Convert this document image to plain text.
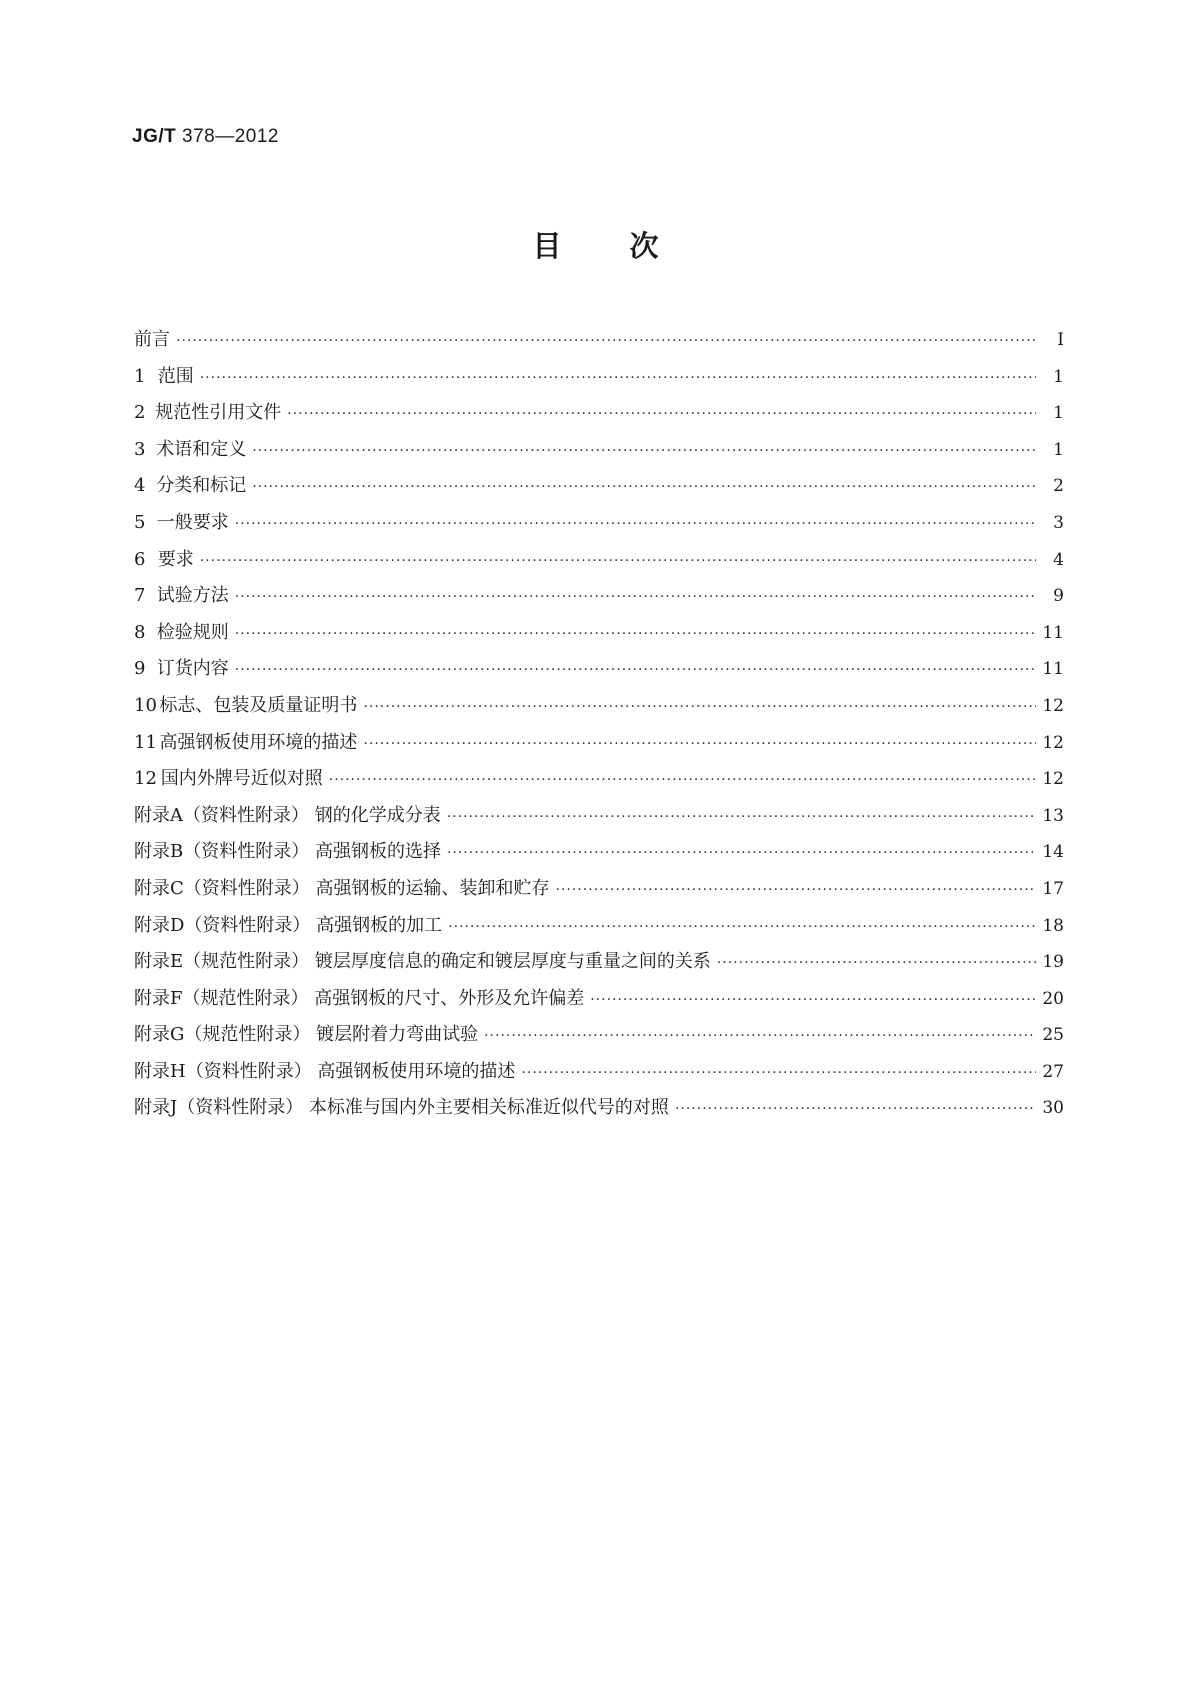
JG/T 378—2012
目次
前言 ·····	Ⅰ
1 范围 ·····	1
2 规范性引用文件 ·····	1
3 术语和定义 ·····	1
4 分类和标记 ·····	2
5 一般要求 ·····	3
6 要求 ·····	4
7 试验方法 ·····	9
8 检验规则 ·····	11
9 订货内容 ·····	11
10 标志、包装及质量证明书 ·····	12
11 高强钢板使用环境的描述 ·····	12
12 国内外牌号近似对照 ·····	12
附录A（资料性附录） 钢的化学成分表 ·····	13
附录B（资料性附录） 高强钢板的选择 ·····	14
附录C（资料性附录） 高强钢板的运输、装卸和贮存 ·····	17
附录D（资料性附录） 高强钢板的加工 ·····	18
附录E（规范性附录） 镀层厚度信息的确定和镀层厚度与重量之间的关系 ·····	19
附录F（规范性附录） 高强钢板的尺寸、外形及允许偏差 ·····	20
附录G（规范性附录） 镀层附着力弯曲试验 ·····	25
附录H（资料性附录） 高强钢板使用环境的描述 ·····	27
附录J（资料性附录） 本标准与国内外主要相关标准近似代号的对照 ·····	30
